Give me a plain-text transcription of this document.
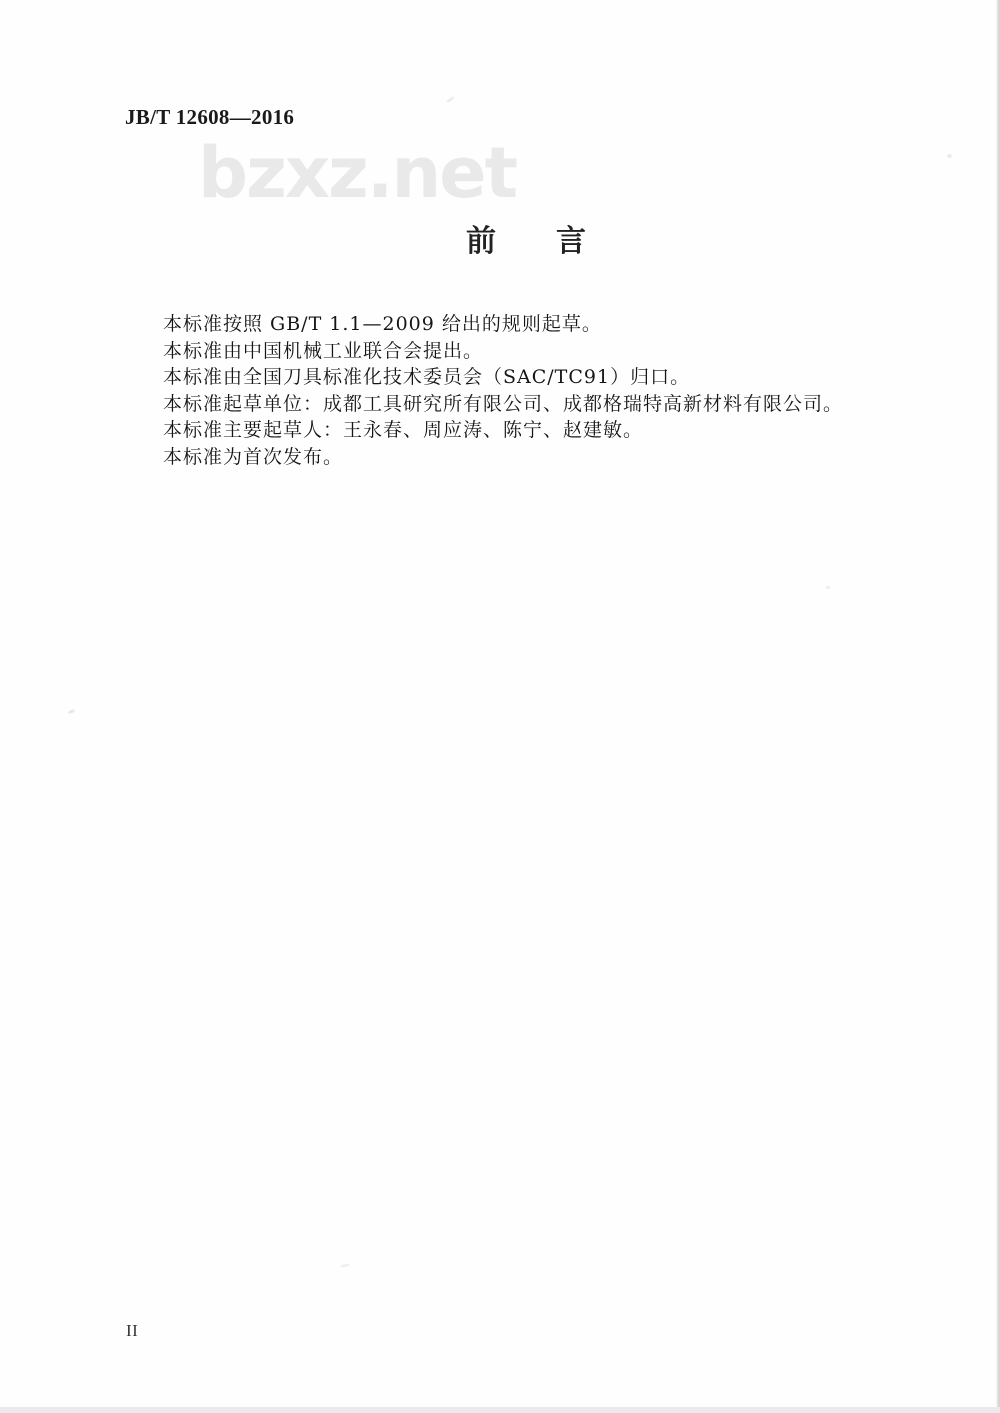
JB/T 12608—2016
bzxz.net
前　　言

本标准按照 GB/T 1.1—2009 给出的规则起草。

本标准由中国机械工业联合会提出。

本标准由全国刀具标准化技术委员会（SAC/TC91）归口。

本标准起草单位：成都工具研究所有限公司、成都格瑞特高新材料有限公司。

本标准主要起草人：王永春、周应涛、陈宁、赵建敏。

本标准为首次发布。

II
